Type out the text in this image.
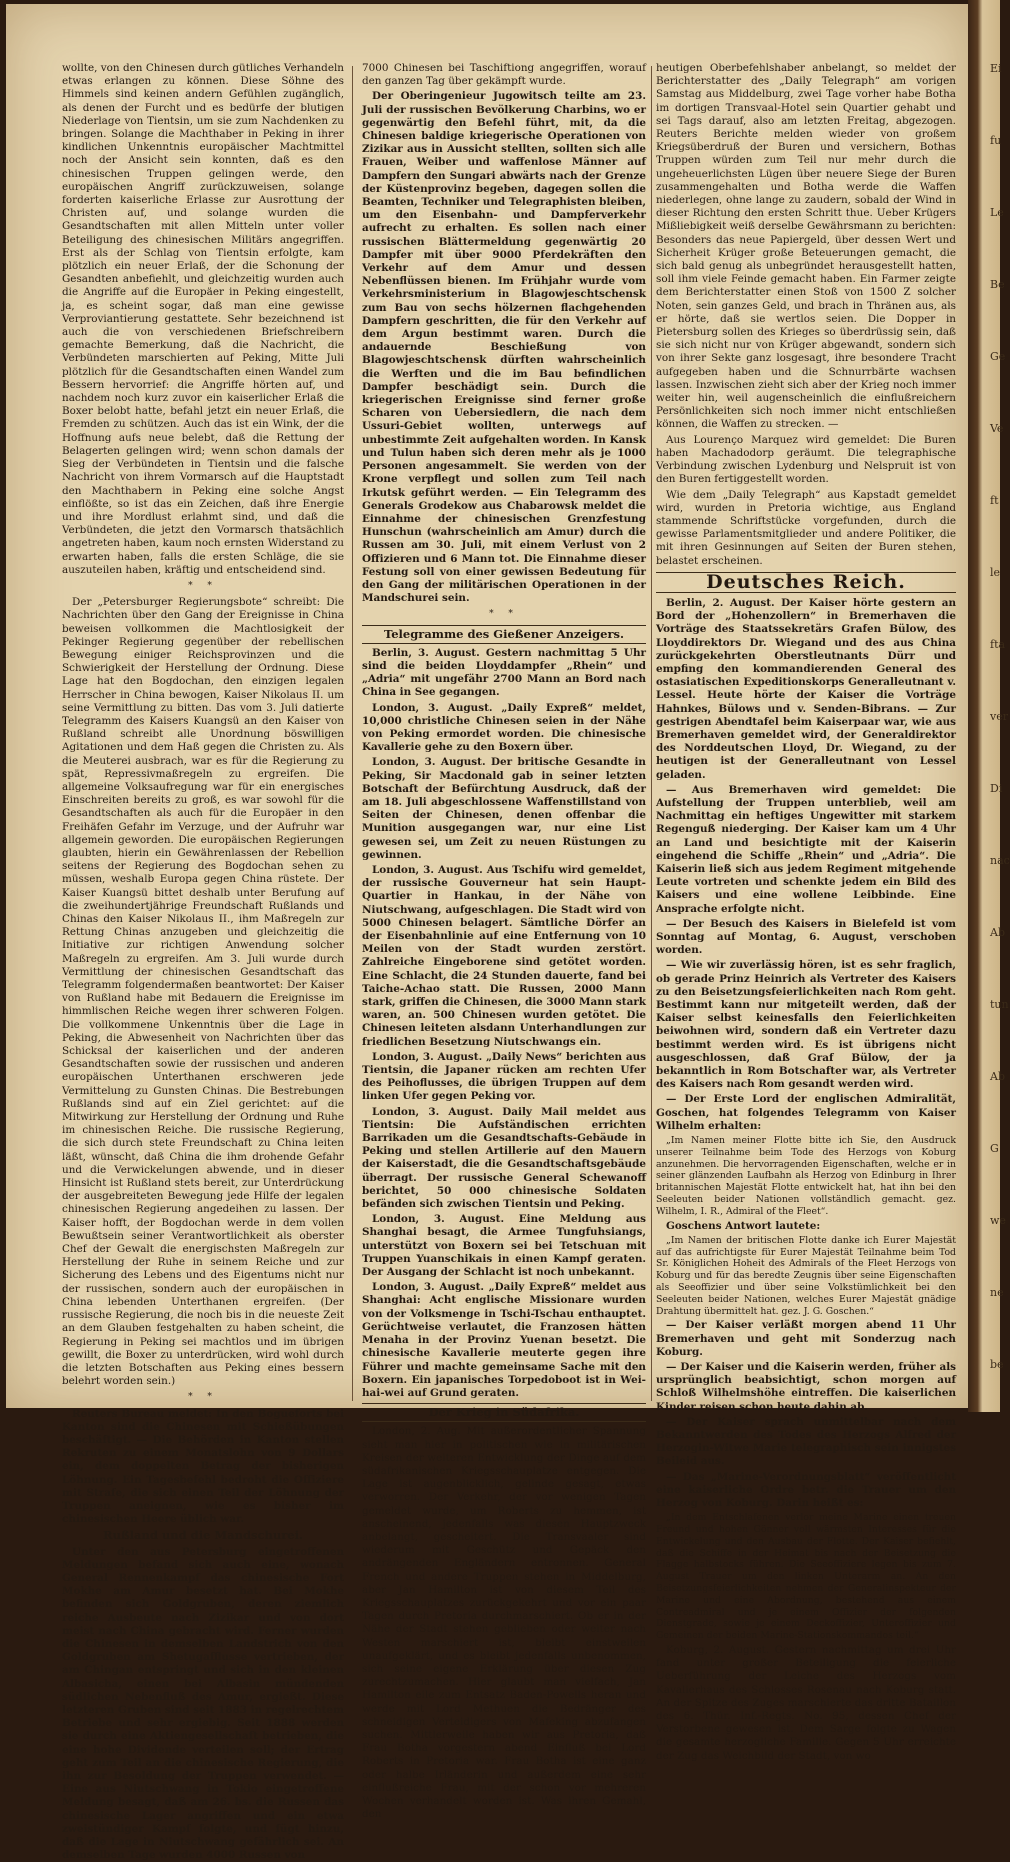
Ei
fu
Le
Be
Ge
Ve
ft
le
fta
ver
Di
nac
Ab
tun
Ab
G
we
ne
be

wollte, von den Chinesen durch gütliches Verhandeln etwas erlangen zu können. Diese Söhne des Himmels sind keinen andern Gefühlen zugänglich, als denen der Furcht und es bedürfe der blutigen Niederlage von Tientsin, um sie zum Nachdenken zu bringen. Solange die Machthaber in Peking in ihrer kindlichen Unkenntnis europäischer Machtmittel noch der Ansicht sein konnten, daß es den chinesischen Truppen gelingen werde, den europäischen Angriff zurückzuweisen, solange forderten kaiserliche Erlasse zur Ausrottung der Christen auf, und solange wurden die Gesandtschaften mit allen Mitteln unter voller Beteiligung des chinesischen Militärs angegriffen. Erst als der Schlag von Tientsin erfolgte, kam plötzlich ein neuer Erlaß, der die Schonung der Gesandten anbefiehlt, und gleichzeitig wurden auch die Angriffe auf die Europäer in Peking eingestellt, ja, es scheint sogar, daß man eine gewisse Verproviantierung gestattete. Sehr bezeichnend ist auch die von verschiedenen Briefschreibern gemachte Bemerkung, daß die Nachricht, die Verbündeten marschierten auf Peking, Mitte Juli plötzlich für die Gesandtschaften einen Wandel zum Bessern hervorrief: die Angriffe hörten auf, und nachdem noch kurz zuvor ein kaiserlicher Erlaß die Boxer belobt hatte, befahl jetzt ein neuer Erlaß, die Fremden zu schützen. Auch das ist ein Wink, der die Hoffnung aufs neue belebt, daß die Rettung der Belagerten gelingen wird; wenn schon damals der Sieg der Verbündeten in Tientsin und die falsche Nachricht von ihrem Vormarsch auf die Hauptstadt den Machthabern in Peking eine solche Angst einflößte, so ist das ein Zeichen, daß ihre Energie und ihre Mordlust erlahmt sind, und daß die Verbündeten, die jetzt den Vormarsch thatsächlich angetreten haben, kaum noch ernsten Widerstand zu erwarten haben, falls die ersten Schläge, die sie auszuteilen haben, kräftig und entscheidend sind.

* *

Der „Petersburger Regierungsbote“ schreibt: Die Nachrichten über den Gang der Ereignisse in China beweisen vollkommen die Machtlosigkeit der Pekinger Regierung gegenüber der rebellischen Bewegung einiger Reichsprovinzen und die Schwierigkeit der Herstellung der Ordnung. Diese Lage hat den Bogdochan, den einzigen legalen Herrscher in China bewogen, Kaiser Nikolaus II. um seine Vermittlung zu bitten. Das vom 3. Juli datierte Telegramm des Kaisers Kuangsü an den Kaiser von Rußland schreibt alle Unordnung böswilligen Agitationen und dem Haß gegen die Christen zu. Als die Meuterei ausbrach, war es für die Regierung zu spät, Repressivmaßregeln zu ergreifen. Die allgemeine Volksaufregung war für ein energisches Einschreiten bereits zu groß, es war sowohl für die Gesandtschaften als auch für die Europäer in den Freihäfen Gefahr im Verzuge, und der Aufruhr war allgemein geworden. Die europäischen Regierungen glaubten, hierin ein Gewährenlassen der Rebellion seitens der Regierung des Bogdochan sehen zu müssen, weshalb Europa gegen China rüstete. Der Kaiser Kuangsü bittet deshalb unter Berufung auf die zweihundertjährige Freundschaft Rußlands und Chinas den Kaiser Nikolaus II., ihm Maßregeln zur Rettung Chinas anzugeben und gleichzeitig die Initiative zur richtigen Anwendung solcher Maßregeln zu ergreifen. Am 3. Juli wurde durch Vermittlung der chinesischen Gesandtschaft das Telegramm folgendermaßen beantwortet: Der Kaiser von Rußland habe mit Bedauern die Ereignisse im himmlischen Reiche wegen ihrer schweren Folgen. Die vollkommene Unkenntnis über die Lage in Peking, die Abwesenheit von Nachrichten über das Schicksal der kaiserlichen und der anderen Gesandtschaften sowie der russischen und anderen europäischen Unterthanen erschweren jede Vermittelung zu Gunsten Chinas. Die Bestrebungen Rußlands sind auf ein Ziel gerichtet: auf die Mitwirkung zur Herstellung der Ordnung und Ruhe im chinesischen Reiche. Die russische Regierung, die sich durch stete Freundschaft zu China leiten läßt, wünscht, daß China die ihm drohende Gefahr und die Verwickelungen abwende, und in dieser Hinsicht ist Rußland stets bereit, zur Unterdrückung der ausgebreiteten Bewegung jede Hilfe der legalen chinesischen Regierung angedeihen zu lassen. Der Kaiser hofft, der Bogdochan werde in dem vollen Bewußtsein seiner Verantwortlichkeit als oberster Chef der Gewalt die energischsten Maßregeln zur Herstellung der Ruhe in seinem Reiche und zur Sicherung des Lebens und des Eigentums nicht nur der russischen, sondern auch der europäischen in China lebenden Unterthanen ergreifen. (Der russische Regierung, die noch bis in die neueste Zeit an dem Glauben festgehalten zu haben scheint, die Regierung in Peking sei machtlos und im übrigen gewillt, die Boxer zu unterdrücken, wird wohl durch die letzten Botschaften aus Peking eines bessern belehrt worden sein.)

* *

Reuters Bureau meldet: In den Bogueforts bei Kanton sind die Chinesen mit Schießübungen beschäftigt. — Die Behörden in Kanton stellen Rekruten zu einem Monatslohn von 9 Dollars ein, dem doppelten Betrag der bisherigen Löhnung. Ein Tagesbefehl bedroht die Offiziere mit Strafe, die sich einen Teil der Löhnung der Truppen aneignen, wie es bisher im chinesischen Heere üblich war.

Rußland und die Mandschurei.

Unter den aus Petersburg eingetroffenen Meldungen befand sich auch eine, wonach General Rennenkampf das chinesische Fort Mokhe am Amur besetzt hat. Bei Mokhe befinden sich Goldgruben, deren ziemlich reiche Ausbeute nach Zizikar und von dort meist nach China gebracht wird. Ferner wurden die Chinesen in demselben Landstrich von den Goldgruben am Shetugafflusse vertrieben, der am Chingan entspringt und sich in den kleinen Albasicha, einen bei Albasin mündenden südlichen Nebenfluß des Amur, ergießt. Diese letzteren Gruben sind seit 1883 in regelrechtem Betriebe und sehr ergiebig. Seit 1888 werden sie durch eine Aktiengesellschaft betrieben, die eine hohe Dividende verteilen soll; der Ertrag geht zum Teil an die chinesische Regierung, die ihn zur Besoldung der Truppen verwendet. — Eine aus Niutschwang in Tokio eingetroffene Meldung besagt, daß am 26. bs. die Russen das chinesische Lager angriffen und ein etwa zweistündiger Kampf folgte, und fügt hinzu, daß die Lage in Niutschwang gefährlich sei. An demselben Tage wurden 4000 Russen von

7000 Chinesen bei Taschiftiong angegriffen, worauf den ganzen Tag über gekämpft wurde.

Der Oberingenieur Jugowitsch teilte am 23. Juli der russischen Bevölkerung Charbins, wo er gegenwärtig den Befehl führt, mit, da die Chinesen baldige kriegerische Operationen von Zizikar aus in Aussicht stellten, sollten sich alle Frauen, Weiber und waffenlose Männer auf Dampfern den Sungari abwärts nach der Grenze der Küstenprovinz begeben, dagegen sollen die Beamten, Techniker und Telegraphisten bleiben, um den Eisenbahn- und Dampferverkehr aufrecht zu erhalten. Es sollen nach einer russischen Blättermeldung gegenwärtig 20 Dampfer mit über 9000 Pferdekräften den Verkehr auf dem Amur und dessen Nebenflüssen bienen. Im Frühjahr wurde vom Verkehrsministerium in Blagowjeschtschensk zum Bau von sechs hölzernen flachgehenden Dampfern geschritten, die für den Verkehr auf dem Argun bestimmt waren. Durch die andauernde Beschießung von Blagowjeschtschensk dürften wahrscheinlich die Werften und die im Bau befindlichen Dampfer beschädigt sein. Durch die kriegerischen Ereignisse sind ferner große Scharen von Uebersiedlern, die nach dem Ussuri-Gebiet wollten, unterwegs auf unbestimmte Zeit aufgehalten worden. In Kansk und Tulun haben sich deren mehr als je 1000 Personen angesammelt. Sie werden von der Krone verpflegt und sollen zum Teil nach Irkutsk geführt werden. — Ein Telegramm des Generals Grodekow aus Chabarowsk meldet die Einnahme der chinesischen Grenzfestung Hunschun (wahrscheinlich am Amur) durch die Russen am 30. Juli, mit einem Verlust von 2 Offizieren und 6 Mann tot. Die Einnahme dieser Festung soll von einer gewissen Bedeutung für den Gang der militärischen Operationen in der Mandschurei sein.

* *
Telegramme des Gießener Anzeigers.

Berlin, 3. August. Gestern nachmittag 5 Uhr sind die beiden Lloyddampfer „Rhein“ und „Adria“ mit ungefähr 2700 Mann an Bord nach China in See gegangen.

London, 3. August. „Daily Expreß“ meldet, 10,000 christliche Chinesen seien in der Nähe von Peking ermordet worden. Die chinesische Kavallerie gehe zu den Boxern über.

London, 3. August. Der britische Gesandte in Peking, Sir Macdonald gab in seiner letzten Botschaft der Befürchtung Ausdruck, daß der am 18. Juli abgeschlossene Waffenstillstand von Seiten der Chinesen, denen offenbar die Munition ausgegangen war, nur eine List gewesen sei, um Zeit zu neuen Rüstungen zu gewinnen.

London, 3. August. Aus Tschifu wird gemeldet, der russische Gouverneur hat sein Haupt-Quartier in Hankau, in der Nähe von Niutschwang, aufgeschlagen. Die Stadt wird von 5000 Chinesen belagert. Sämtliche Dörfer an der Eisenbahnlinie auf eine Entfernung von 10 Meilen von der Stadt wurden zerstört. Zahlreiche Eingeborene sind getötet worden. Eine Schlacht, die 24 Stunden dauerte, fand bei Taiche-Achao statt. Die Russen, 2000 Mann stark, griffen die Chinesen, die 3000 Mann stark waren, an. 500 Chinesen wurden getötet. Die Chinesen leiteten alsdann Unterhandlungen zur friedlichen Besetzung Niutschwangs ein.

London, 3. August. „Daily News“ berichten aus Tientsin, die Japaner rücken am rechten Ufer des Peihoflusses, die übrigen Truppen auf dem linken Ufer gegen Peking vor.

London, 3. August. Daily Mail meldet aus Tientsin: Die Aufständischen errichten Barrikaden um die Gesandtschafts-Gebäude in Peking und stellen Artillerie auf den Mauern der Kaiserstadt, die die Gesandtschaftsgebäude überragt. Der russische General Schewanoff berichtet, 50 000 chinesische Soldaten befänden sich zwischen Tientsin und Peking.

London, 3. August. Eine Meldung aus Shanghai besagt, die Armee Tungfuhsiangs, unterstützt von Boxern sei bei Tetschuan mit Truppen Yuanschikais in einen Kampf geraten. Der Ausgang der Schlacht ist noch unbekannt.

London, 3. August. „Daily Expreß“ meldet aus Shanghai: Acht englische Missionare wurden von der Volksmenge in Tschi-Tschau enthauptet. Gerüchtweise verlautet, die Franzosen hätten Menaha in der Provinz Yuenan besetzt. Die chinesische Kavallerie meuterte gegen ihre Führer und machte gemeinsame Sache mit den Boxern. Ein japanisches Torpedoboot ist in Wei-hai-wei auf Grund geraten.

Der Krieg in Südafrika.

London, 2. Aug. Mit außerordentlicher Spannung sieht man hier in politischen wie in militärischen Kreisen der weiteren Entwicklung der Dinge auf dem südafrikanischen Kriegsschauplatze entgegen. Die Lage ist augenblicklich, gelinde gesagt, etwas verworren. Der Verkehr, der vor wenigen Tagen gemeldet wurde, um Roberts zu hemmen, ist anscheinend, jedenfalls was diesen Hauptzweck anbelangt, gescheitert. Die Transvaaler sind wiederum mit Geschütz und Gepäck den andrängenden Engländern entronnen. General French und andere Truppen stehen in Middelburg, aber Jan Hamilton ist von diesem Teil des Kriegsschauplatzes zurückgekehrt und vor ein paar Tagen durch Pretoria durchmarschiert. Ob er in der Nähe der Stadt stehen geblieben oder weiter nach Westen marschiert ist, bleibt einstweilen unaufgeklärt, und es bleibt jedenfalls unbenommen, sich seine eigene Erklärung über diesen Zug zurechtzumachen. Hier glaubt man vielfach, Jan Hamilton eile zum Entsatz Baden-Powells heran und werde mit Lord Methuen die Bedränger des schneidigen Verteidigers von Mafeking abzufangen suchen. Mittlerweile haben wir aus Pretoria, daß Frau Botha vorgestern abend Einfluß bei Lord Roberts in Pretoria war. Frau Botha ist eine ganz oder halbe Irländerin und außerdem eine sehr einflußreiche Frau, mit der schon vor mehreren Wochen verhandelt worden ist. Was ihren Gemahl, den

heutigen Oberbefehlshaber anbelangt, so meldet der Berichterstatter des „Daily Telegraph“ am vorigen Samstag aus Middelburg, zwei Tage vorher habe Botha im dortigen Transvaal-Hotel sein Quartier gehabt und sei Tags darauf, also am letzten Freitag, abgezogen. Reuters Berichte melden wieder von großem Kriegsüberdruß der Buren und versichern, Bothas Truppen würden zum Teil nur mehr durch die ungeheuerlichsten Lügen über neuere Siege der Buren zusammengehalten und Botha werde die Waffen niederlegen, ohne lange zu zaudern, sobald der Wind in dieser Richtung den ersten Schritt thue. Ueber Krügers Mißliebigkeit weiß derselbe Gewährsmann zu berichten: Besonders das neue Papiergeld, über dessen Wert und Sicherheit Krüger große Beteuerungen gemacht, die sich bald genug als unbegründet herausgestellt hatten, soll ihm viele Feinde gemacht haben. Ein Farmer zeigte dem Berichterstatter einen Stoß von 1500 Z solcher Noten, sein ganzes Geld, und brach in Thränen aus, als er hörte, daß sie wertlos seien. Die Dopper in Pietersburg sollen des Krieges so überdrüssig sein, daß sie sich nicht nur von Krüger abgewandt, sondern sich von ihrer Sekte ganz losgesagt, ihre besondere Tracht aufgegeben haben und die Schnurrbärte wachsen lassen. Inzwischen zieht sich aber der Krieg noch immer weiter hin, weil augenscheinlich die einflußreichern Persönlichkeiten sich noch immer nicht entschließen können, die Waffen zu strecken. —

Aus Lourenço Marquez wird gemeldet: Die Buren haben Machadodorp geräumt. Die telegraphische Verbindung zwischen Lydenburg und Nelspruit ist von den Buren fertiggestellt worden.

Wie dem „Daily Telegraph“ aus Kapstadt gemeldet wird, wurden in Pretoria wichtige, aus England stammende Schriftstücke vorgefunden, durch die gewisse Parlamentsmitglieder und andere Politiker, die mit ihren Gesinnungen auf Seiten der Buren stehen, belastet erscheinen.

Deutsches Reich.

Berlin, 2. August. Der Kaiser hörte gestern an Bord der „Hohenzollern“ in Bremerhaven die Vorträge des Staatssekretärs Grafen Bülow, des Lloyddirektors Dr. Wiegand und des aus China zurückgekehrten Oberstleutnants Dürr und empfing den kommandierenden General des ostasiatischen Expeditionskorps Generalleutnant v. Lessel. Heute hörte der Kaiser die Vorträge Hahnkes, Bülows und v. Senden-Bibrans. — Zur gestrigen Abendtafel beim Kaiserpaar war, wie aus Bremerhaven gemeldet wird, der Generaldirektor des Norddeutschen Lloyd, Dr. Wiegand, zu der heutigen ist der Generalleutnant von Lessel geladen.

— Aus Bremerhaven wird gemeldet: Die Aufstellung der Truppen unterblieb, weil am Nachmittag ein heftiges Ungewitter mit starkem Regenguß niederging. Der Kaiser kam um 4 Uhr an Land und besichtigte mit der Kaiserin eingehend die Schiffe „Rhein“ und „Adria“. Die Kaiserin ließ sich aus jedem Regiment mitgehende Leute vortreten und schenkte jedem ein Bild des Kaisers und eine wollene Leibbinde. Eine Ansprache erfolgte nicht.

— Der Besuch des Kaisers in Bielefeld ist vom Sonntag auf Montag, 6. August, verschoben worden.

— Wie wir zuverlässig hören, ist es sehr fraglich, ob gerade Prinz Heinrich als Vertreter des Kaisers zu den Beisetzungsfeierlichkeiten nach Rom geht. Bestimmt kann nur mitgeteilt werden, daß der Kaiser selbst keinesfalls den Feierlichkeiten beiwohnen wird, sondern daß ein Vertreter dazu bestimmt werden wird. Es ist übrigens nicht ausgeschlossen, daß Graf Bülow, der ja bekanntlich in Rom Botschafter war, als Vertreter des Kaisers nach Rom gesandt werden wird.

— Der Erste Lord der englischen Admiralität, Goschen, hat folgendes Telegramm von Kaiser Wilhelm erhalten:

„Im Namen meiner Flotte bitte ich Sie, den Ausdruck unserer Teilnahme beim Tode des Herzogs von Koburg anzunehmen. Die hervorragenden Eigenschaften, welche er in seiner glänzenden Laufbahn als Herzog von Edinburg in Ihrer britannischen Majestät Flotte entwickelt hat, hat ihn bei den Seeleuten beider Nationen vollständlich gemacht. gez. Wilhelm, I. R., Admiral of the Fleet“.

Goschens Antwort lautete:

„Im Namen der britischen Flotte danke ich Eurer Majestät auf das aufrichtigste für Eurer Majestät Teilnahme beim Tod Sr. Königlichen Hoheit des Admirals of the Fleet Herzogs von Koburg und für das beredte Zeugnis über seine Eigenschaften als Seeoffizier und über seine Volkstümlichkeit bei den Seeleuten beider Nationen, welches Eurer Majestät gnädige Drahtung übermittelt hat. gez. J. G. Goschen.“

— Der Kaiser verläßt morgen abend 11 Uhr Bremerhaven und geht mit Sonderzug nach Koburg.

— Der Kaiser und die Kaiserin werden, früher als ursprünglich beabsichtigt, schon morgen auf Schloß Wilhelmshöhe eintreffen. Die kaiserlichen Kinder reisen schon heute dahin ab.

— Der Kaiser sprach unmittelbar nach dem Bekanntwerden des Todes des Herzogs Alfred der Herzogin-Witwe Marie telegraphisch sein innigstes Beileid aus.

— Das „Marine-Verordnungsblatt“ veröffentlicht eine kaiserliche Ordre betr. die Trauer um den Herzog von Koburg. Darin heißt es:

„In dem Entschlafenen verlor meine Marine einen treuen Freund und hohen Gönner voll wärmsten Interesses für die Entwickelung und den Ausbau der Flotte. Der Kaiser befiehlt, daß die Schiffe in der Heimat bis nach der Beisetzung die Flagge halbstocks führen. Die Seeoffiziere legen bis zum 7. August Trauer um den linken Unterarm an. An den Beisetzungsfeierlichkeiten nehmen der Generalinspekteur der Marine und eine Abordnung, bestehend aus einem Contreadmiral und je einem Offizier der folgenden Dienstgrade, sowie je einem Deckoffizier, Unteroffizier und Gemeinen der beiden Marine-Stationskommandos teil.“

Koburg, 2. August. Gestern nachmittag um drei Uhr fand unter großer Beteiligung die feierliche Ueberführung der Leiche des Herzogs vom Kavalierhaus des Schlosses Rosenau nach Koburg statt. An der Spitze des Zuges marschierte das dritte Bataillon des 6. Thür. Inf.-Regts. No. 95, dessen Chef der Verstorbene gewesen ist. Dem Sarge folgte zu Wagen die gesamte herzogliche Familie. Gegen 5 Uhr erreichte der Zug das Weichbild der Stadt, von wo
